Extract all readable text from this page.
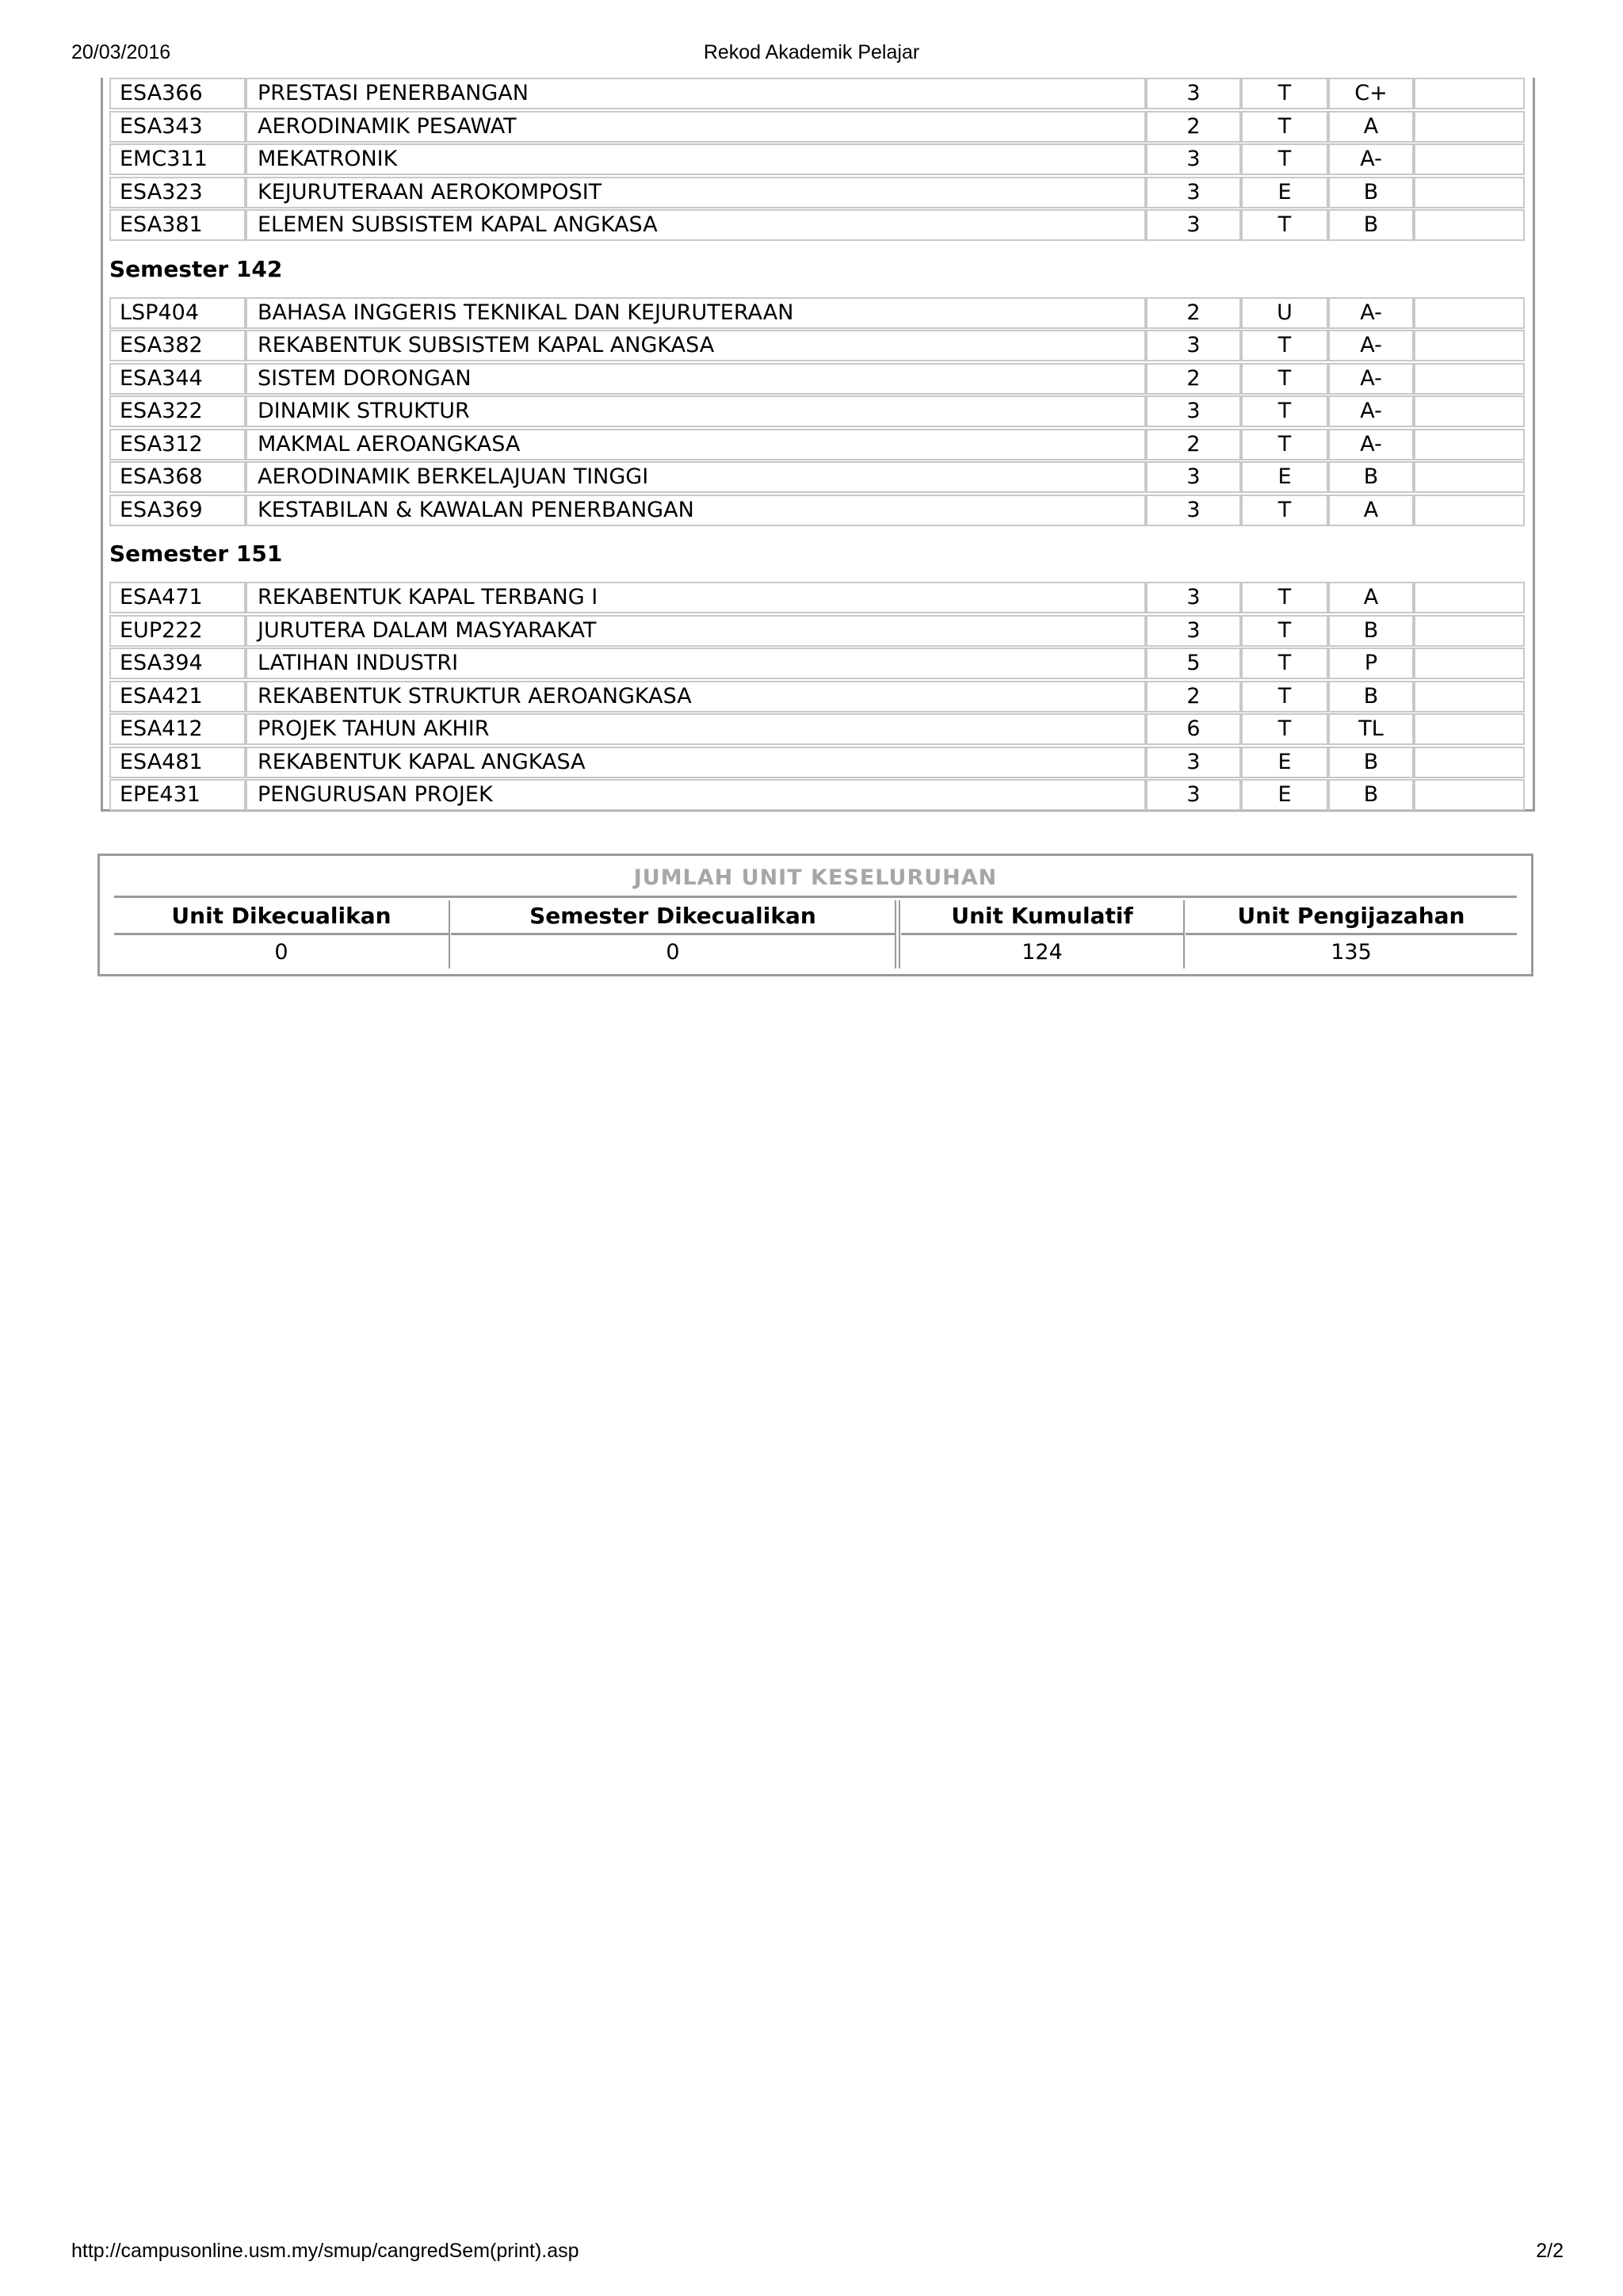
20/03/2016	Rekod Akademik Pelajar
ESA366	PRESTASI PENERBANGAN	3	T	C+
ESA343	AERODINAMIK PESAWAT	2	T	A
EMC311	MEKATRONIK	3	T	A-
ESA323	KEJURUTERAAN AEROKOMPOSIT	3	E	B
ESA381	ELEMEN SUBSISTEM KAPAL ANGKASA	3	T	B
Semester 142
LSP404	BAHASA INGGERIS TEKNIKAL DAN KEJURUTERAAN	2	U	A-
ESA382	REKABENTUK SUBSISTEM KAPAL ANGKASA	3	T	A-
ESA344	SISTEM DORONGAN	2	T	A-
ESA322	DINAMIK STRUKTUR	3	T	A-
ESA312	MAKMAL AEROANGKASA	2	T	A-
ESA368	AERODINAMIK BERKELAJUAN TINGGI	3	E	B
ESA369	KESTABILAN & KAWALAN PENERBANGAN	3	T	A
Semester 151
ESA471	REKABENTUK KAPAL TERBANG I	3	T	A
EUP222	JURUTERA DALAM MASYARAKAT	3	T	B
ESA394	LATIHAN INDUSTRI	5	T	P
ESA421	REKABENTUK STRUKTUR AEROANGKASA	2	T	B
ESA412	PROJEK TAHUN AKHIR	6	T	TL
ESA481	REKABENTUK KAPAL ANGKASA	3	E	B
EPE431	PENGURUSAN PROJEK	3	E	B
JUMLAH UNIT KESELURUHAN
Unit Dikecualikan	Semester Dikecualikan	Unit Kumulatif	Unit Pengijazahan
0	0	124	135
http://campusonline.usm.my/smup/cangredSem(print).asp	2/2
